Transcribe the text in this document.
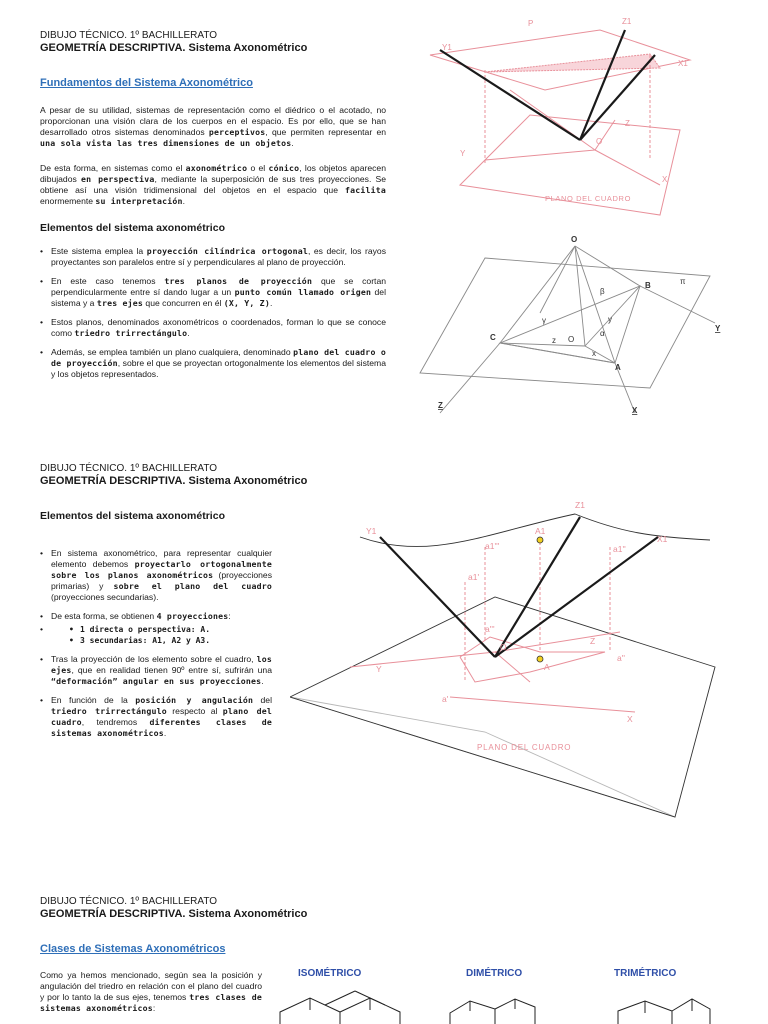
DIBUJO TÉCNICO. 1º BACHILLERATO
GEOMETRÍA DESCRIPTIVA. Sistema Axonométrico
Fundamentos del Sistema Axonométrico
A pesar de su utilidad, sistemas de representación como el diédrico o el acotado, no proporcionan una visión clara de los cuerpos en el espacio. Es por ello, que se han desarrollado otros sistemas denominados perceptivos, que permiten representar en una sola vista las tres dimensiones de un objetos.
De esta forma, en sistemas como el axonométrico o el cónico, los objetos aparecen dibujados en perspectiva, mediante la superposición de sus tres proyecciones. Se obtiene así una visión tridimensional del objetos en el espacio que facilita enormemente su interpretación.
Elementos del sistema axonométrico
• Este sistema emplea la proyección cilíndrica ortogonal, es decir, los rayos proyectantes son paralelos entre sí y perpendiculares al plano de proyección.
• En este caso tenemos tres planos de proyección que se cortan perpendicularmente entre sí dando lugar a un punto común llamado origen del sistema y a tres ejes que concurren en él (X, Y, Z).
• Estos planos, denominados axonométricos o coordenados, forman lo que se conoce como triedro trirrectángulo.
• Además, se emplea también un plano cualquiera, denominado plano del cuadro o de proyección, sobre el que se proyectan ortogonalmente los elementos del sistema y los objetos representados.
P	Z1
Y1
X1
Z
Y
O
X
PLANO DEL CUADRO
O
B	π
Y
C
A
Z
X
α
β
γ
x
y
z O
DIBUJO TÉCNICO. 1º BACHILLERATO
GEOMETRÍA DESCRIPTIVA. Sistema Axonométrico
Elementos del sistema axonométrico
• En sistema axonométrico, para representar cualquier elemento debemos proyectarlo ortogonalmente sobre los planos axonométricos (proyecciones primarias) y sobre el plano del cuadro (proyecciones secundarias).
• De esta forma, se obtienen 4 proyecciones:
• • 1 directa o perspectiva: A.
• 3 secundarias: A1, A2 y A3.
• Tras la proyección de los elemento sobre el cuadro, los ejes, que en realidad tienen 90º entre sí, sufrirán una “deformación” angular en sus proyecciones.
• En función de la posición y angulación del triedro trirrectángulo respecto al plano del cuadro, tendremos diferentes clases de sistemas axonométricos.
Z1
Y1
X1
A1
a1'''	a1''
a1'
a'''
Z
O
A
a''
Y
a'
X
PLANO DEL CUADRO
DIBUJO TÉCNICO. 1º BACHILLERATO
GEOMETRÍA DESCRIPTIVA. Sistema Axonométrico
Clases de Sistemas Axonométricos
Como ya hemos mencionado, según sea la posición y angulación del triedro en relación con el plano del cuadro y por lo tanto la de sus ejes, tenemos tres clases de sistemas axonométricos:
ISOMÉTRICO	DIMÉTRICO	TRIMÉTRICO
